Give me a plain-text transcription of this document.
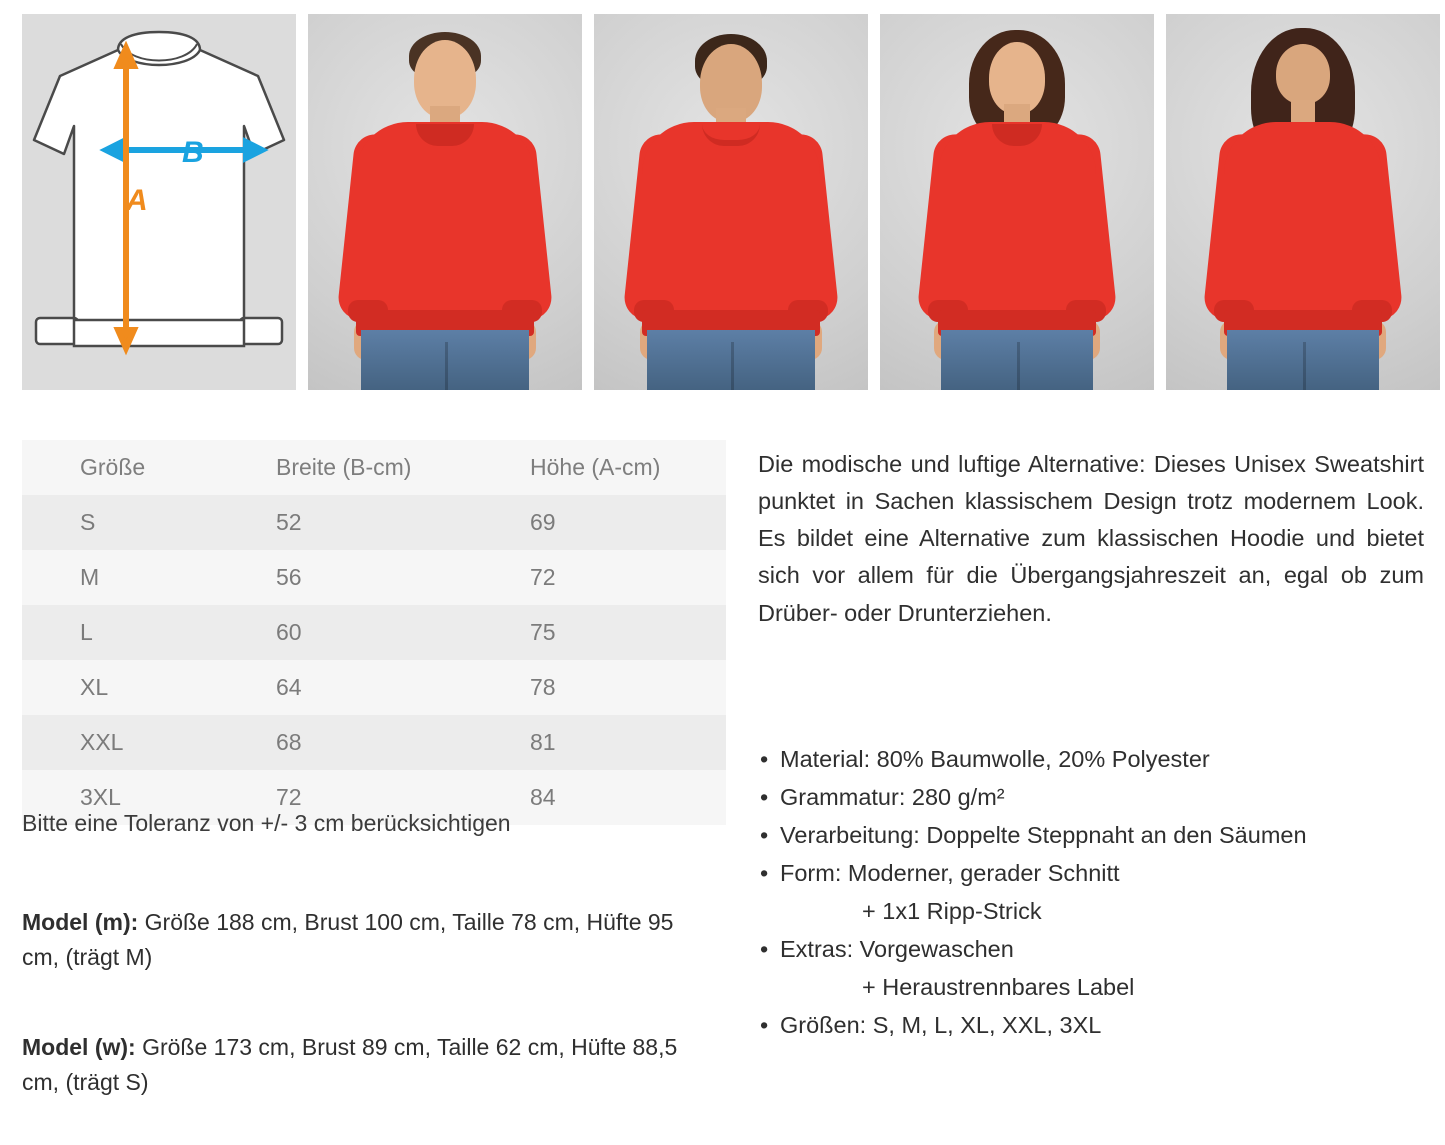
B
A
Größe	Breite (B-cm)	Höhe (A-cm)
S	52	69
M	56	72
L	60	75
XL	64	78
XXL	68	81
3XL	72	84
Bitte eine Toleranz von +/- 3 cm berücksichtigen
Model (m): Größe 188 cm, Brust 100 cm, Taille 78 cm, Hüfte 95 cm, (trägt M)
Model (w): Größe 173 cm, Brust 89 cm, Taille 62 cm, Hüfte 88,5 cm, (trägt S)
Die modische und luftige Alternative: Dieses Unisex Sweatshirt punktet in Sachen klassischem Design trotz modernem Look. Es bildet eine Alternative zum klassischen Hoodie und bietet sich vor allem für die Übergangsjahreszeit an, egal ob zum Drüber- oder Drunterziehen.
• Material: 80% Baumwolle, 20% Polyester
• Grammatur: 280 g/m²
• Verarbeitung: Doppelte Steppnaht an den Säumen
• Form: Moderner, gerader Schnitt
+ 1x1 Ripp-Strick
• Extras: Vorgewaschen
+ Heraustrennbares Label
• Größen: S, M, L, XL, XXL, 3XL
